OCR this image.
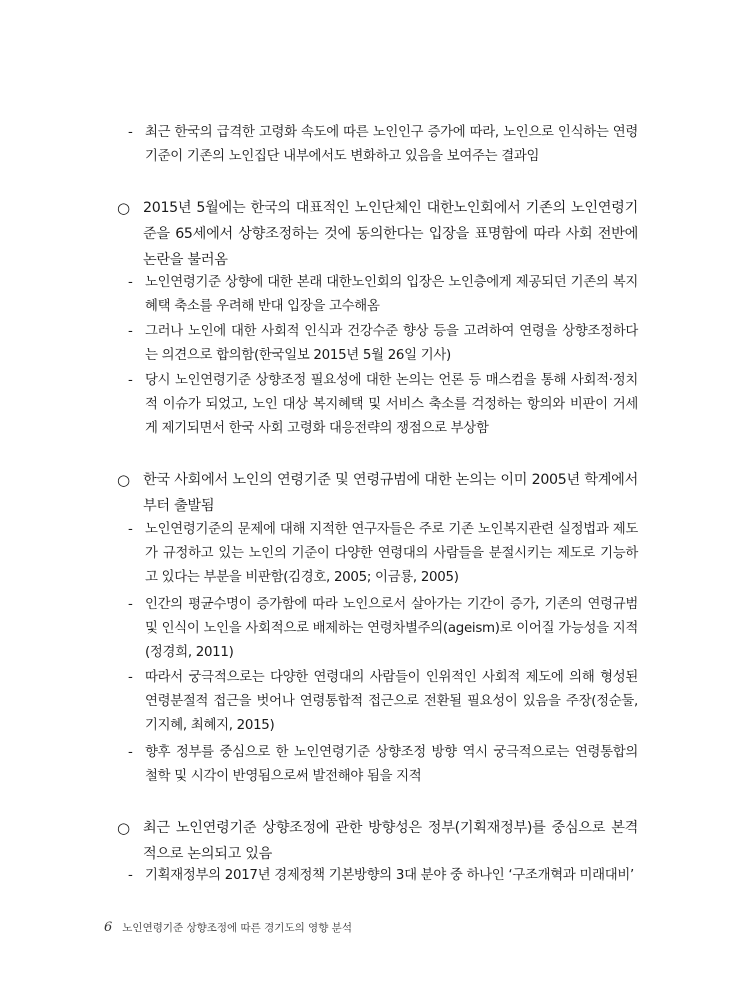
- 최근 한국의 급격한 고령화 속도에 따른 노인인구 증가에 따라, 노인으로 인식하는 연령기준이 기존의 노인집단 내부에서도 변화하고 있음을 보여주는 결과임
○ 2015년 5월에는 한국의 대표적인 노인단체인 대한노인회에서 기존의 노인연령기준을 65세에서 상향조정하는 것에 동의한다는 입장을 표명함에 따라 사회 전반에 논란을 불러옴
- 노인연령기준 상향에 대한 본래 대한노인회의 입장은 노인층에게 제공되던 기존의 복지혜택 축소를 우려해 반대 입장을 고수해옴
- 그러나 노인에 대한 사회적 인식과 건강수준 향상 등을 고려하여 연령을 상향조정하다는 의견으로 합의함(한국일보 2015년 5월 26일 기사)
- 당시 노인연령기준 상향조정 필요성에 대한 논의는 언론 등 매스컴을 통해 사회적·정치적 이슈가 되었고, 노인 대상 복지혜택 및 서비스 축소를 걱정하는 항의와 비판이 거세게 제기되면서 한국 사회 고령화 대응전략의 쟁점으로 부상함
○ 한국 사회에서 노인의 연령기준 및 연령규범에 대한 논의는 이미 2005년 학계에서부터 출발됨
- 노인연령기준의 문제에 대해 지적한 연구자들은 주로 기존 노인복지관련 실정법과 제도가 규정하고 있는 노인의 기준이 다양한 연령대의 사람들을 분절시키는 제도로 기능하고 있다는 부분을 비판함(김경호, 2005; 이금룡, 2005)
- 인간의 평균수명이 증가함에 따라 노인으로서 살아가는 기간이 증가, 기존의 연령규범 및 인식이 노인을 사회적으로 배제하는 연령차별주의(ageism)로 이어질 가능성을 지적(정경희, 2011)
- 따라서 궁극적으로는 다양한 연령대의 사람들이 인위적인 사회적 제도에 의해 형성된 연령분절적 접근을 벗어나 연령통합적 접근으로 전환될 필요성이 있음을 주장(정순둘, 기지혜, 최혜지, 2015)
- 향후 정부를 중심으로 한 노인연령기준 상향조정 방향 역시 궁극적으로는 연령통합의 철학 및 시각이 반영됨으로써 발전해야 됨을 지적
○ 최근 노인연령기준 상향조정에 관한 방향성은 정부(기획재정부)를 중심으로 본격적으로 논의되고 있음
- 기획재정부의 2017년 경제정책 기본방향의 3대 분야 중 하나인 ‘구조개혁과 미래대비’
6 노인연령기준 상향조정에 따른 경기도의 영향 분석
